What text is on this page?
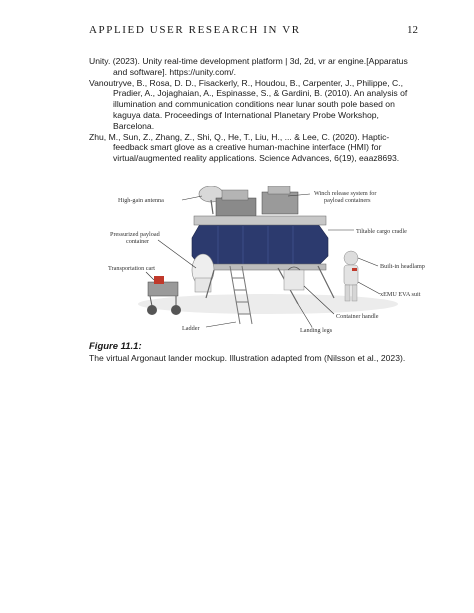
APPLIED USER RESEARCH IN VR	12

Unity. (2023). Unity real-time development platform | 3d, 2d, vr ar engine.[Apparatus and software]. https://unity.com/.

Vanoutryve, B., Rosa, D. D., Fisackerly, R., Houdou, B., Carpenter, J., Philippe, C., Pradier, A., Jojaghaian, A., Espinasse, S., & Gardini, B. (2010). An analysis of illumination and communication conditions near lunar south pole based on kaguya data. Proceedings of International Planetary Probe Workshop, Barcelona.

Zhu, M., Sun, Z., Zhang, Z., Shi, Q., He, T., Liu, H., ... & Lee, C. (2020). Haptic-feedback smart glove as a creative human-machine interface (HMI) for virtual/augmented reality applications. Science Advances, 6(19), eaaz8693.

High-gain antenna
Winch release system for
payload containers
Pressurized payload
container
Tiltable cargo cradle
Transportation cart	Built-in headlamp
xEMU EVA suit
Container handle
Ladder	Landing legs
Figure 11.1:
The virtual Argonaut lander mockup. Illustration adapted from (Nilsson et al., 2023).
